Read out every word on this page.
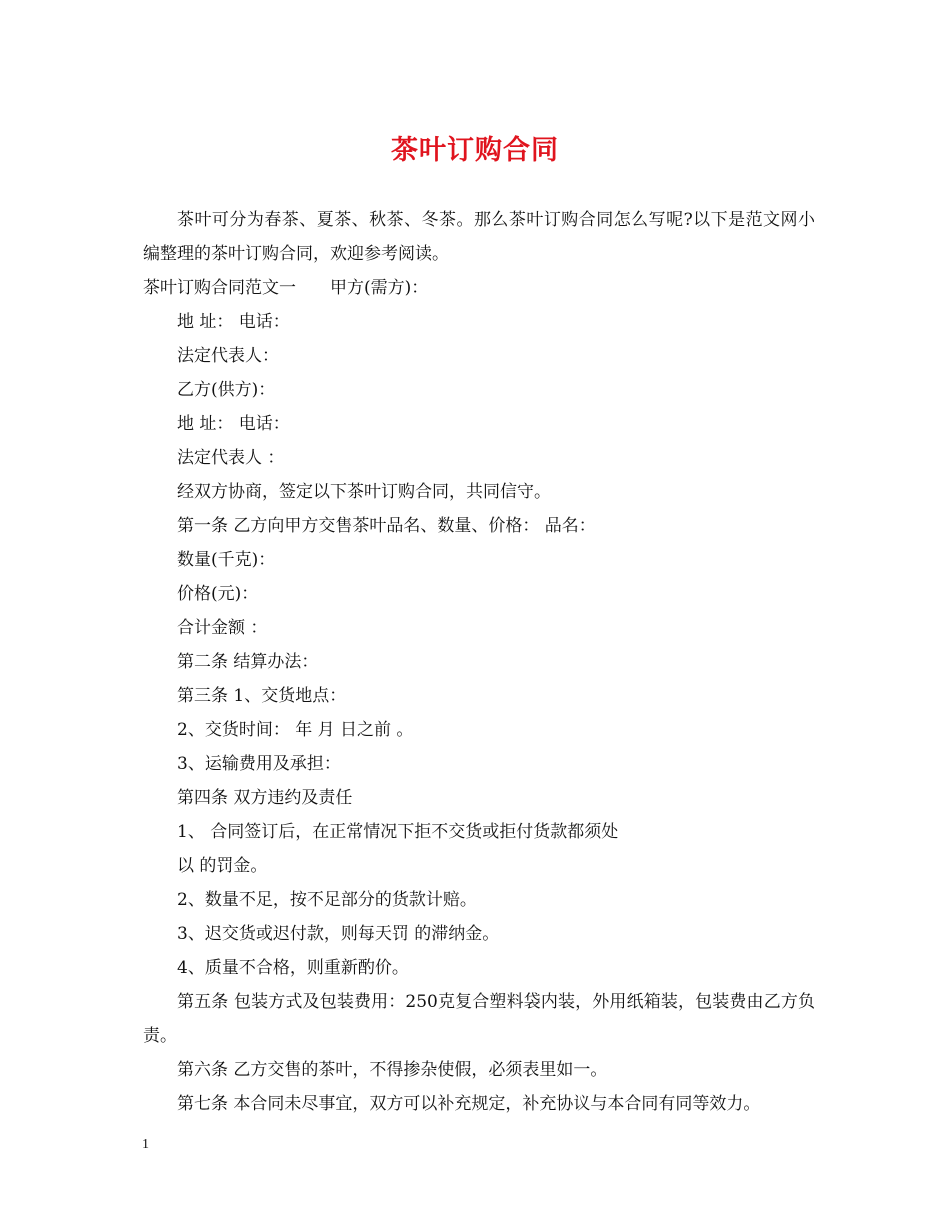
茶叶订购合同

茶叶可分为春茶、夏茶、秋茶、冬茶。那么茶叶订购合同怎么写呢?以下是范文网小编整理的茶叶订购合同，欢迎参考阅读。

茶叶订购合同范文一　　甲方(需方)：

地 址： 电话：

法定代表人：

乙方(供方)：

地 址： 电话：

法定代表人 ：

经双方协商，签定以下茶叶订购合同，共同信守。

第一条 乙方向甲方交售茶叶品名、数量、价格： 品名：

数量(千克)：

价格(元)：

合计金额 ：

第二条 结算办法：

第三条 1、交货地点：

2、交货时间： 年 月 日之前 。

3、运输费用及承担：

第四条 双方违约及责任

1、 合同签订后，在正常情况下拒不交货或拒付货款都须处

以 的罚金。

2、数量不足，按不足部分的货款计赔。

3、迟交货或迟付款，则每天罚 的滞纳金。

4、质量不合格，则重新酌价。

第五条 包装方式及包装费用：250克复合塑料袋内装，外用纸箱装，包装费由乙方负责。

第六条 乙方交售的茶叶，不得掺杂使假，必须表里如一。

第七条 本合同未尽事宜，双方可以补充规定，补充协议与本合同有同等效力。

1
